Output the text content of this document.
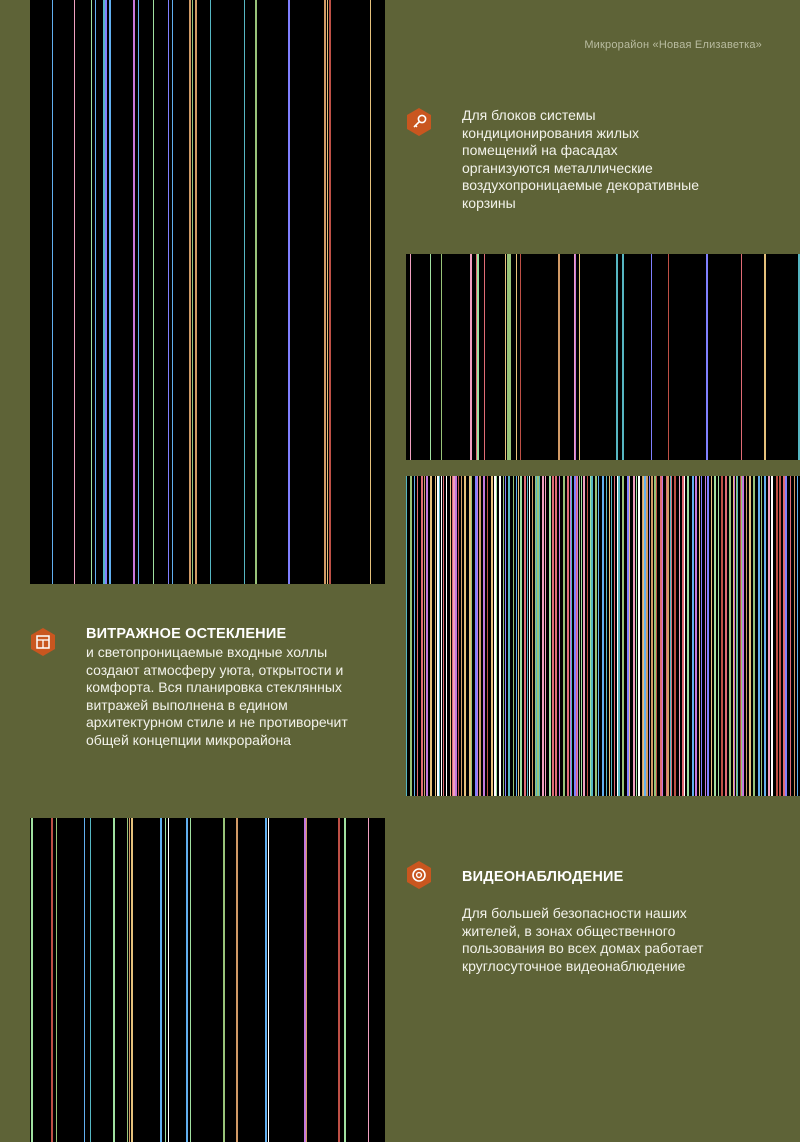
Микрорайон «Новая Елизаветка»
Для блоков системы кондиционирования жилых помещений на фасадах организуются металлические воздухопроницаемые декоративные корзины
ВИТРАЖНОЕ ОСТЕКЛЕНИЕ
и светопроницаемые входные холлы создают атмосферу уюта, открытости и комфорта. Вся планировка стеклянных витражей выполнена в едином архитектурном стиле и не противоречит общей концепции микрорайона
ВИДЕОНАБЛЮДЕНИЕ
Для большей безопасности наших жителей, в зонах общественного пользования во всех домах работает круглосуточное видеонаблюдение
